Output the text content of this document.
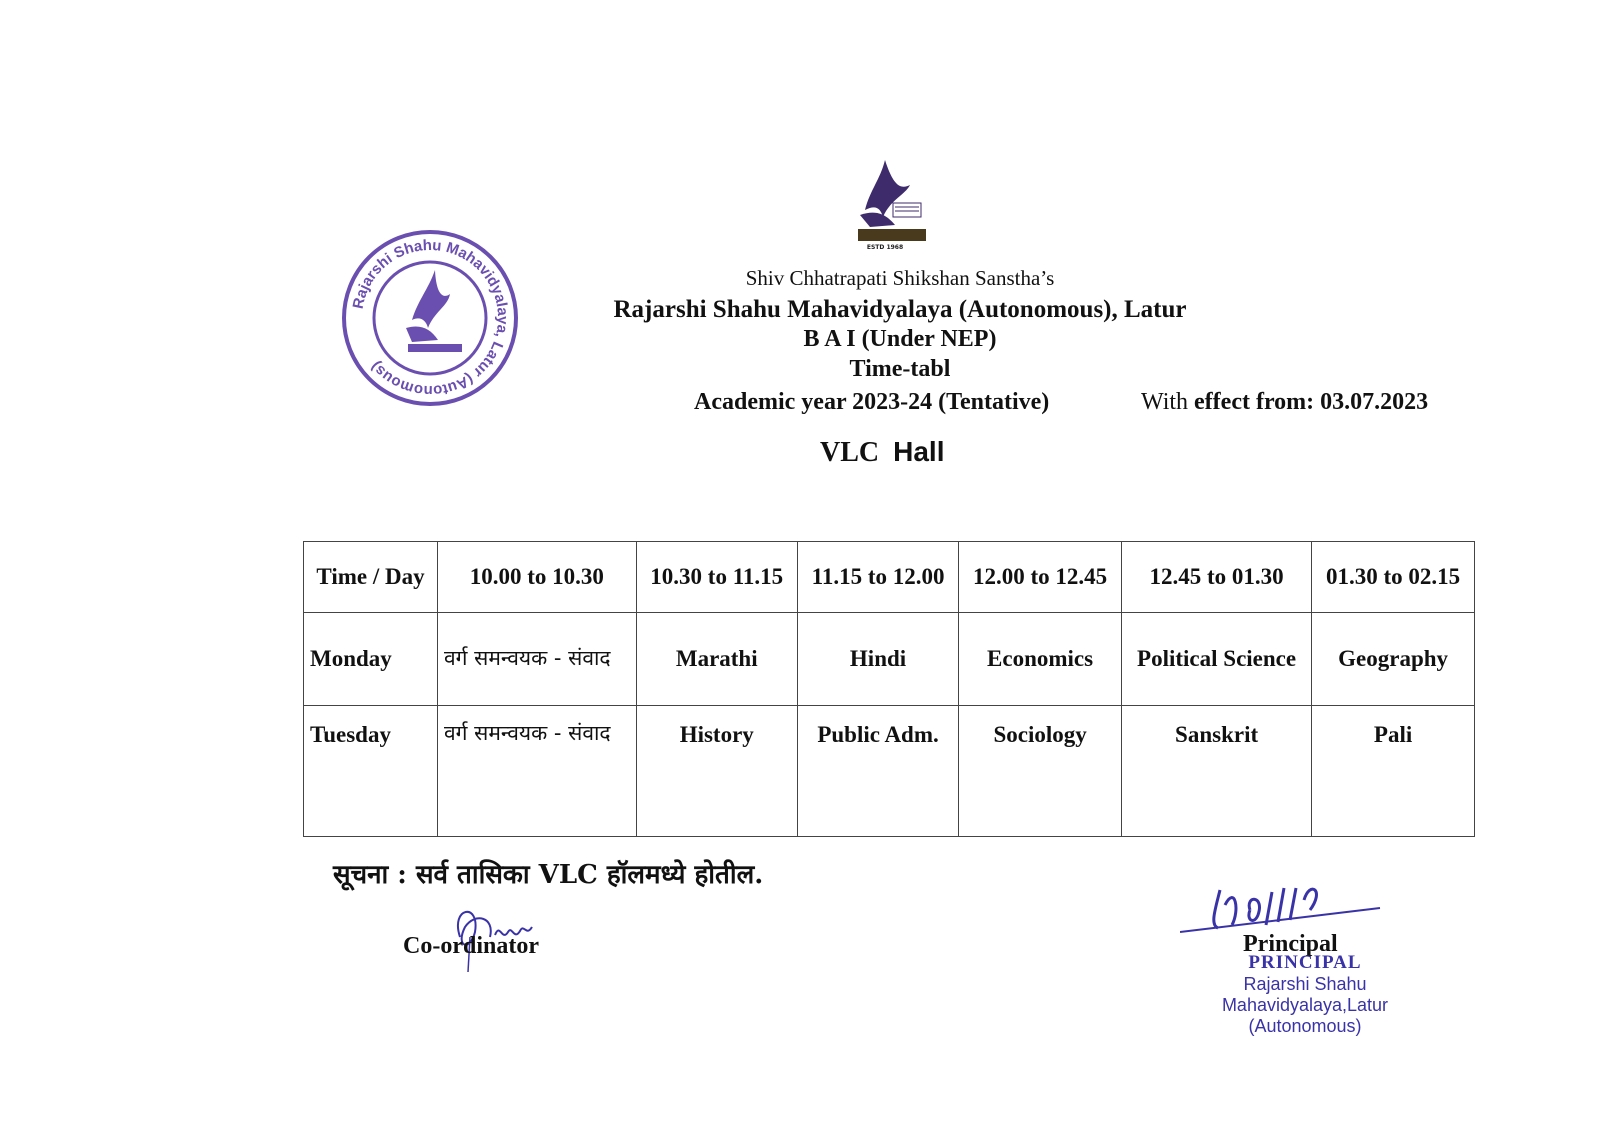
ESTD 1968
Rajarshi Shahu Mahavidyalaya, Latur (Autonomous)
Shiv Chhatrapati Shikshan Sanstha’s
Rajarshi Shahu Mahavidyalaya (Autonomous), Latur
B A I (Under NEP)
Time-tabl
Academic year 2023-24 (Tentative)	With effect from: 03.07.2023
VLC Hall
Time / Day	10.00 to 10.30	10.30 to 11.15	11.15 to 12.00	12.00 to 12.45	12.45 to 01.30	01.30 to 02.15
Monday	वर्ग समन्वयक - संवाद	Marathi	Hindi	Economics	Political Science	Geography
Tuesday	वर्ग समन्वयक - संवाद	History	Public Adm.	Sociology	Sanskrit	Pali
सूचना : सर्व तासिका VLC हॉलमध्ये होतील.
Co-ordinator	Principal
PRINCIPAL
Rajarshi Shahu Mahavidyalaya,Latur
(Autonomous)
